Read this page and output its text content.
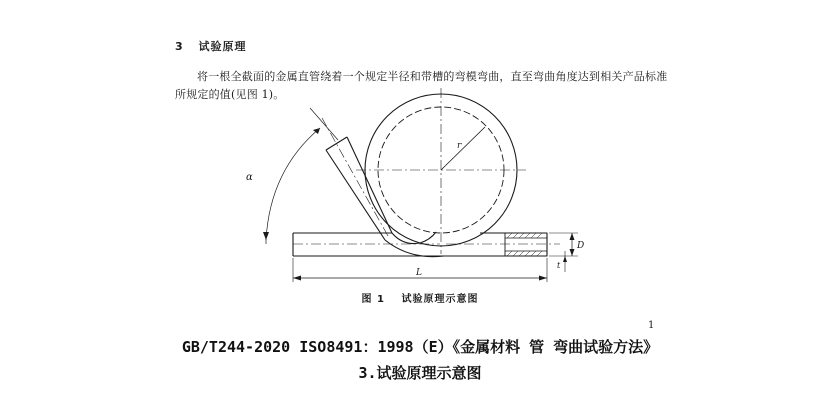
3 试验原理
将一根全截面的金属直管绕着一个规定半径和带槽的弯模弯曲，直至弯曲角度达到相关产品标准所规定的值(见图 1)。
α
r
L
D
t
图 1 试验原理示意图
1
GB/T244-2020 ISO8491：1998（E）《金属材料 管 弯曲试验方法》
3.试验原理示意图
